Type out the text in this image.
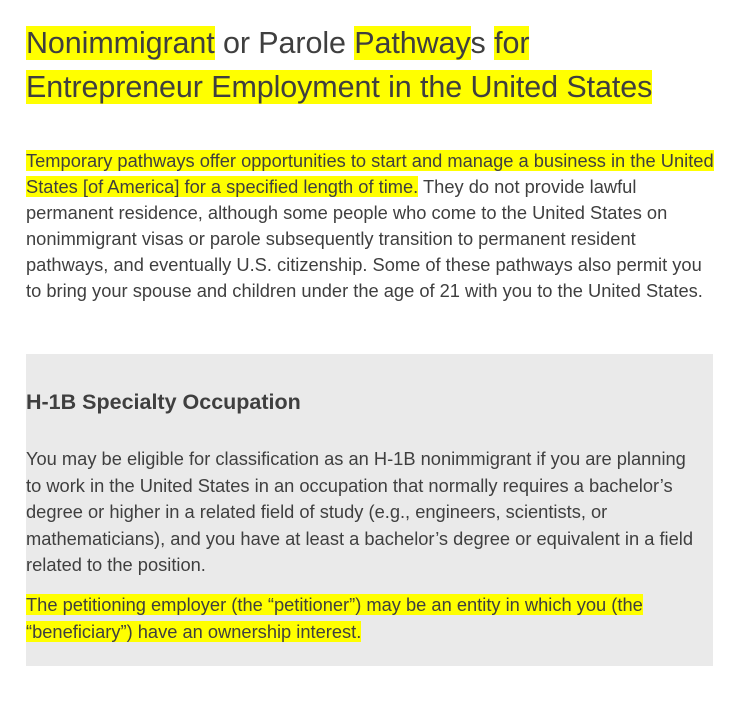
Nonimmigrant or Parole Pathways for
Entrepreneur Employment in the United States

Temporary pathways offer opportunities to start and manage a business in the United States [of America] for a specified length of time. They do not provide lawful permanent residence, although some people who come to the United States on nonimmigrant visas or parole subsequently transition to permanent resident pathways, and eventually U.S. citizenship. Some of these pathways also permit you to bring your spouse and children under the age of 21 with you to the United States.

H-1B Specialty Occupation

You may be eligible for classification as an H-1B nonimmigrant if you are planning to work in the United States in an occupation that normally requires a bachelor’s degree or higher in a related field of study (e.g., engineers, scientists, or mathematicians), and you have at least a bachelor’s degree or equivalent in a field related to the position.

The petitioning employer (the “petitioner”) may be an entity in which you (the “beneficiary”) have an ownership interest.
